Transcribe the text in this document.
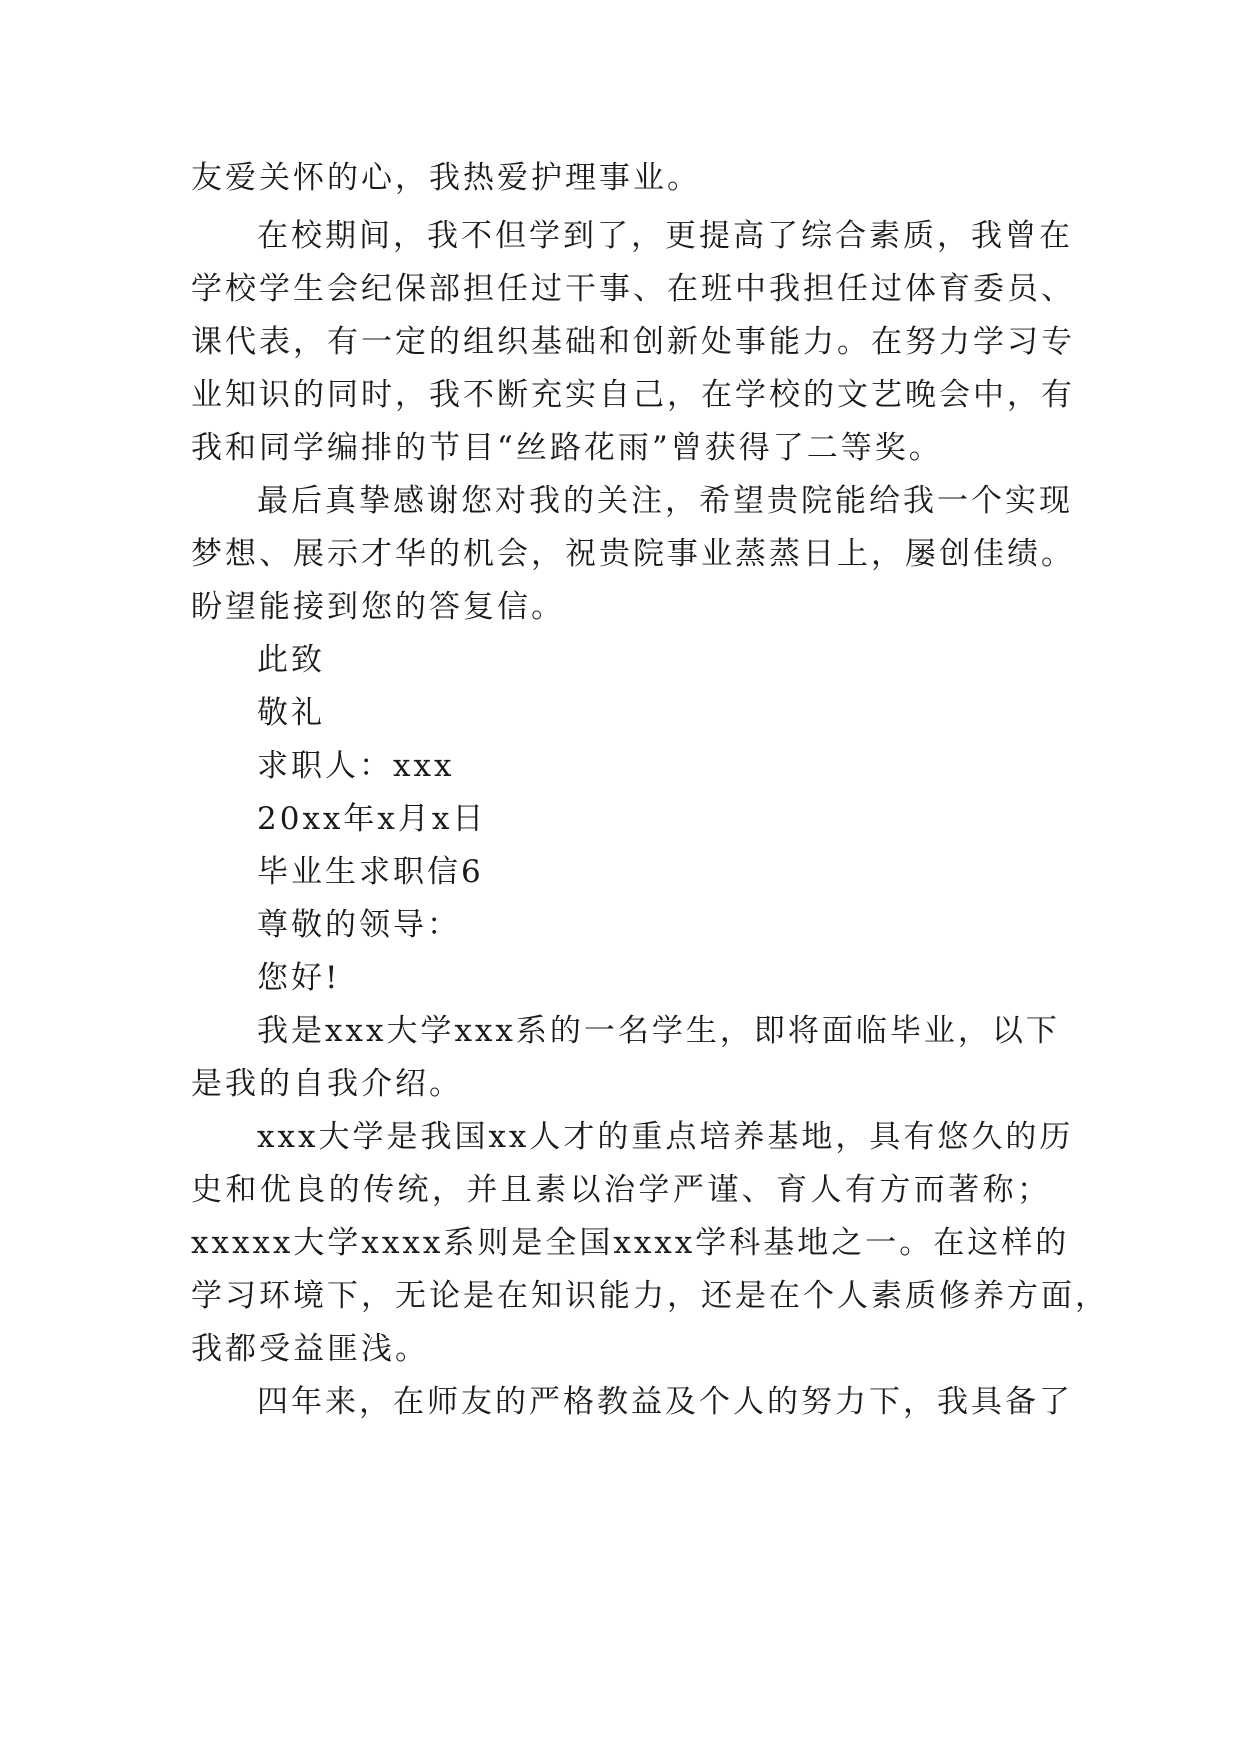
友爱关怀的心，我热爱护理事业。
在校期间，我不但学到了，更提高了综合素质，我曾在
学校学生会纪保部担任过干事、在班中我担任过体育委员、
课代表，有一定的组织基础和创新处事能力。在努力学习专
业知识的同时，我不断充实自己，在学校的文艺晚会中，有
我和同学编排的节目“丝路花雨”曾获得了二等奖。
最后真挚感谢您对我的关注，希望贵院能给我一个实现
梦想、展示才华的机会，祝贵院事业蒸蒸日上，屡创佳绩。
盼望能接到您的答复信。
此致
敬礼
求职人：xxx
20xx年x月x日
毕业生求职信6
尊敬的领导：
您好!
我是xxx大学xxx系的一名学生，即将面临毕业，以下
是我的自我介绍。
xxx大学是我国xx人才的重点培养基地，具有悠久的历
史和优良的传统，并且素以治学严谨、育人有方而著称；
xxxxx大学xxxx系则是全国xxxx学科基地之一。在这样的
学习环境下，无论是在知识能力，还是在个人素质修养方面，
我都受益匪浅。
四年来，在师友的严格教益及个人的努力下，我具备了
